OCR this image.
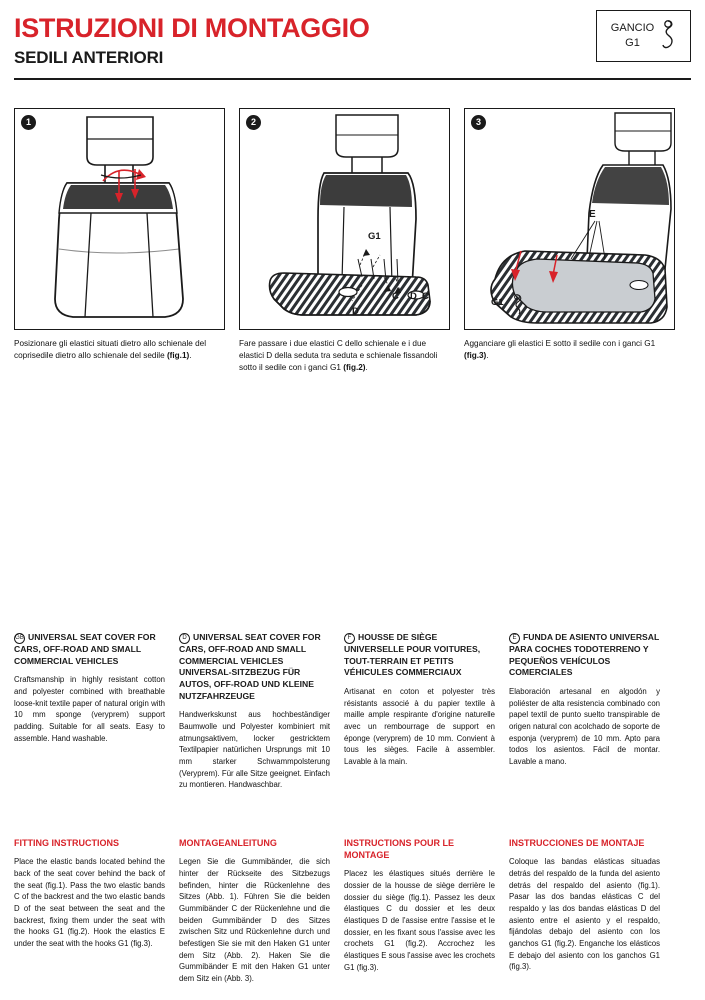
ISTRUZIONI DI MONTAGGIO
SEDILI ANTERIORI
GANCIO
G1
1

Posizionare gli elastici situati dietro allo schienale del coprisedile dietro allo schienale del sedile (fig.1).

2
G1
C D C
D

Fare passare i due elastici C dello schienale e i due elastici D della seduta tra seduta e schienale fissandoli sotto il sedile con i ganci G1 (fig.2).

3
E
G1

Agganciare gli elastici E sotto il sedile con i ganci G1 (fig.3).

GB UNIVERSAL SEAT COVER FOR CARS, OFF-ROAD AND SMALL COMMERCIAL VEHICLES

Craftsmanship in highly resistant cotton and polyester combined with breathable loose-knit textile paper of natural origin with 10 mm sponge (veryprem) support padding. Suitable for all seats. Easy to assemble. Hand washable.

D UNIVERSAL SEAT COVER FOR CARS, OFF-ROAD AND SMALL COMMERCIAL VEHICLES UNIVERSAL-SITZBEZUG FÜR AUTOS, OFF-ROAD UND KLEINE NUTZFAHRZEUGE

Handwerkskunst aus hochbeständiger Baumwolle und Polyester kombiniert mit atmungsaktivem, locker gestricktem Textilpapier natürlichen Ursprungs mit 10 mm starker Schwammpolsterung (Veryprem). Für alle Sitze geeignet. Einfach zu montieren. Handwaschbar.

F HOUSSE DE SIÈGE UNIVERSELLE POUR VOITURES, TOUT-TERRAIN ET PETITS VÉHICULES COMMERCIAUX

Artisanat en coton et polyester très résistants associé à du papier textile à maille ample respirante d'origine naturelle avec un rembourrage de support en éponge (veryprem) de 10 mm. Convient à tous les sièges. Facile à assembler. Lavable à la main.

E FUNDA DE ASIENTO UNIVERSAL PARA COCHES TODOTERRENO Y PEQUEÑOS VEHÍCULOS COMERCIALES

Elaboración artesanal en algodón y poliéster de alta resistencia combinado con papel textil de punto suelto transpirable de origen natural con acolchado de soporte de esponja (veryprem) de 10 mm. Apto para todos los asientos. Fácil de montar. Lavable a mano.

FITTING INSTRUCTIONS

Place the elastic bands located behind the back of the seat cover behind the back of the seat (fig.1). Pass the two elastic bands C of the backrest and the two elastic bands D of the seat between the seat and the backrest, fixing them under the seat with the hooks G1 (fig.2). Hook the elastics E under the seat with the hooks G1 (fig.3).

MONTAGEANLEITUNG

Legen Sie die Gummibänder, die sich hinter der Rückseite des Sitzbezugs befinden, hinter die Rückenlehne des Sitzes (Abb. 1). Führen Sie die beiden Gummibänder C der Rückenlehne und die beiden Gummibänder D des Sitzes zwischen Sitz und Rückenlehne durch und befestigen Sie sie mit den Haken G1 unter dem Sitz (Abb. 2). Haken Sie die Gummibänder E mit den Haken G1 unter dem Sitz ein (Abb. 3).

INSTRUCTIONS POUR LE MONTAGE

Placez les élastiques situés derrière le dossier de la housse de siège derrière le dossier du siège (fig.1). Passez les deux élastiques C du dossier et les deux élastiques D de l'assise entre l'assise et le dossier, en les fixant sous l'assise avec les crochets G1 (fig.2). Accrochez les élastiques E sous l'assise avec les crochets G1 (fig.3).

INSTRUCCIONES DE MONTAJE

Coloque las bandas elásticas situadas detrás del respaldo de la funda del asiento detrás del respaldo del asiento (fig.1). Pasar las dos bandas elásticas C del respaldo y las dos bandas elásticas D del asiento entre el asiento y el respaldo, fijándolas debajo del asiento con los ganchos G1 (fig.2). Enganche los elásticos E debajo del asiento con los ganchos G1 (fig.3).
